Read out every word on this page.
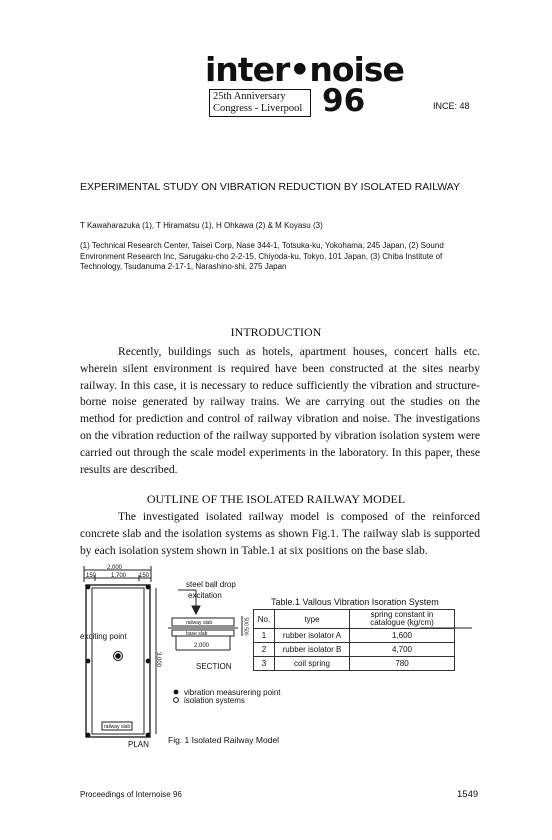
inter•noise
25th Anniversary
Congress - Liverpool 96	INCE: 48
EXPERIMENTAL STUDY ON VIBRATION REDUCTION BY ISOLATED RAILWAY
T Kawaharazuka (1), T Hiramatsu (1), H Ohkawa (2) & M Koyasu (3)
(1) Technical Research Center, Taisei Corp, Nase 344-1, Totsuka-ku, Yokohama, 245 Japan, (2) Sound Environment Research Inc, Sarugaku-cho 2-2-15, Chiyoda-ku, Tokyo, 101 Japan, (3) Chiba Institute of Technology, Tsudanuma 2-17-1, Narashino-shi, 275 Japan
INTRODUCTION
Recently, buildings such as hotels, apartment houses, concert halls etc. wherein silent environment is required have been constructed at the sites nearby railway. In this case, it is necessary to reduce sufficiently the vibration and structure-borne noise generated by railway trains. We are carrying out the studies on the method for prediction and control of railway vibration and noise. The investigations on the vibration reduction of the railway supported by vibration isolation system were carried out through the scale model experiments in the laboratory. In this paper, these results are described.
OUTLINE OF THE ISOLATED RAILWAY MODEL
The investigated isolated railway model is composed of the reinforced concrete slab and the isolation systems as shown Fig.1. The railway slab is supported by each isolation system shown in Table.1 at six positions on the base slab.
2,000
150 1,700 150
3,000
exciting point
railway slab
PLAN
steel ball drop
excitation
railway slab
base slab
2,000
500 500
SECTION
vibration measurering point
isolation systems
Fig. 1 Isolated Railway Model
Table.1 Vallous Vibration Isoration System
No.	type	spring constant in catalogue (kg/cm)
1	rubber isolator A	1,600
2	rubber isolator B	4,700
3	coil spring	780
Proceedings of Internoise 96	1549
